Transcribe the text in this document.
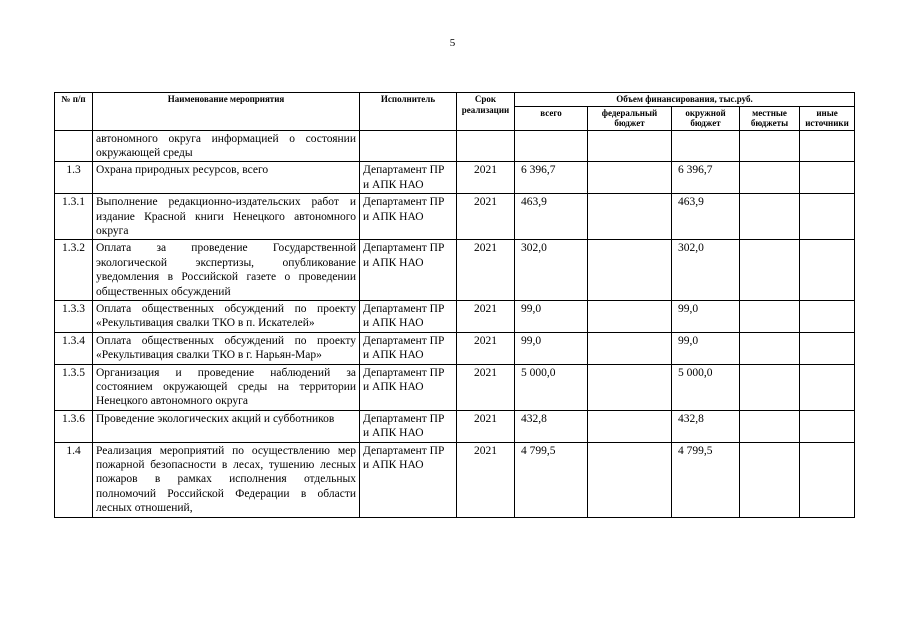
5
№ п/п	Наименование мероприятия	Исполнитель	Срок реализации	Объем финансирования, тыс.руб.				
				всего	федеральный бюджет	окружной бюджет	местные бюджеты	иные источники
	автономного округа информацией о состоянии окружающей среды							
1.3	Охрана природных ресурсов, всего	Департамент ПР и АПК НАО	2021	6 396,7		6 396,7		
1.3.1	Выполнение редакционно-издательских работ и издание Красной книги Ненецкого автономного округа	Департамент ПР и АПК НАО	2021	463,9		463,9		
1.3.2	Оплата за проведение Государственной экологической экспертизы, опубликование уведомления в Российской газете о проведении общественных обсуждений	Департамент ПР и АПК НАО	2021	302,0		302,0		
1.3.3	Оплата общественных обсуждений по проекту «Рекультивация свалки ТКО в п. Искателей»	Департамент ПР и АПК НАО	2021	99,0		99,0		
1.3.4	Оплата общественных обсуждений по проекту «Рекультивация свалки ТКО в г. Нарьян-Мар»	Департамент ПР и АПК НАО	2021	99,0		99,0		
1.3.5	Организация и проведение наблюдений за состоянием окружающей среды на территории Ненецкого автономного округа	Департамент ПР и АПК НАО	2021	5 000,0		5 000,0		
1.3.6	Проведение экологических акций и субботников	Департамент ПР и АПК НАО	2021	432,8		432,8		
1.4	Реализация мероприятий по осуществлению мер пожарной безопасности в лесах, тушению лесных пожаров в рамках исполнения отдельных полномочий Российской Федерации в области лесных отношений,	Департамент ПР и АПК НАО	2021	4 799,5		4 799,5		
